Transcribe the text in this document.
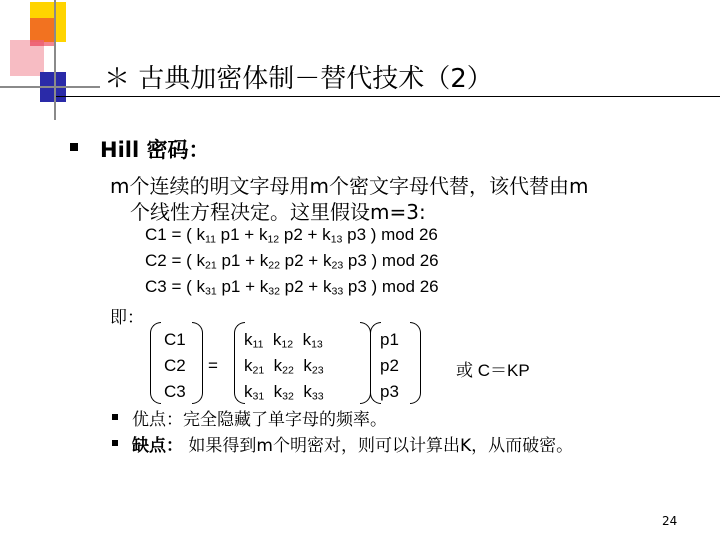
＊ 古典加密体制－替代技术（2）
Hill 密码：
m个连续的明文字母用m个密文字母代替，该代替由m
个线性方程决定。这里假设m=3:
C1 = ( $k_{11}$ $p1 + k_{12}$ $p2 + k_{13}$ p3 ) mod 26
C2 = ( $k_{21}$ $p1 + k_{22}$ $p2 + k_{23}$ p3 ) mod 26
C3 = ( $k_{31}$ $p1 + k_{32}$ $p2 + k_{33}$ p3 ) mod 26
即：
C1
C2
C3
=
$k_{11}$ $k_{12}$ $k_{13}$
$k_{21}$ $k_{22}$ $k_{23}$
$k_{31}$ $k_{32}$ $k_{33}$
p1
p2
p3
或 C＝KP
优点：完全隐藏了单字母的频率。
缺点： 如果得到m个明密对，则可以计算出K，从而破密。
24
